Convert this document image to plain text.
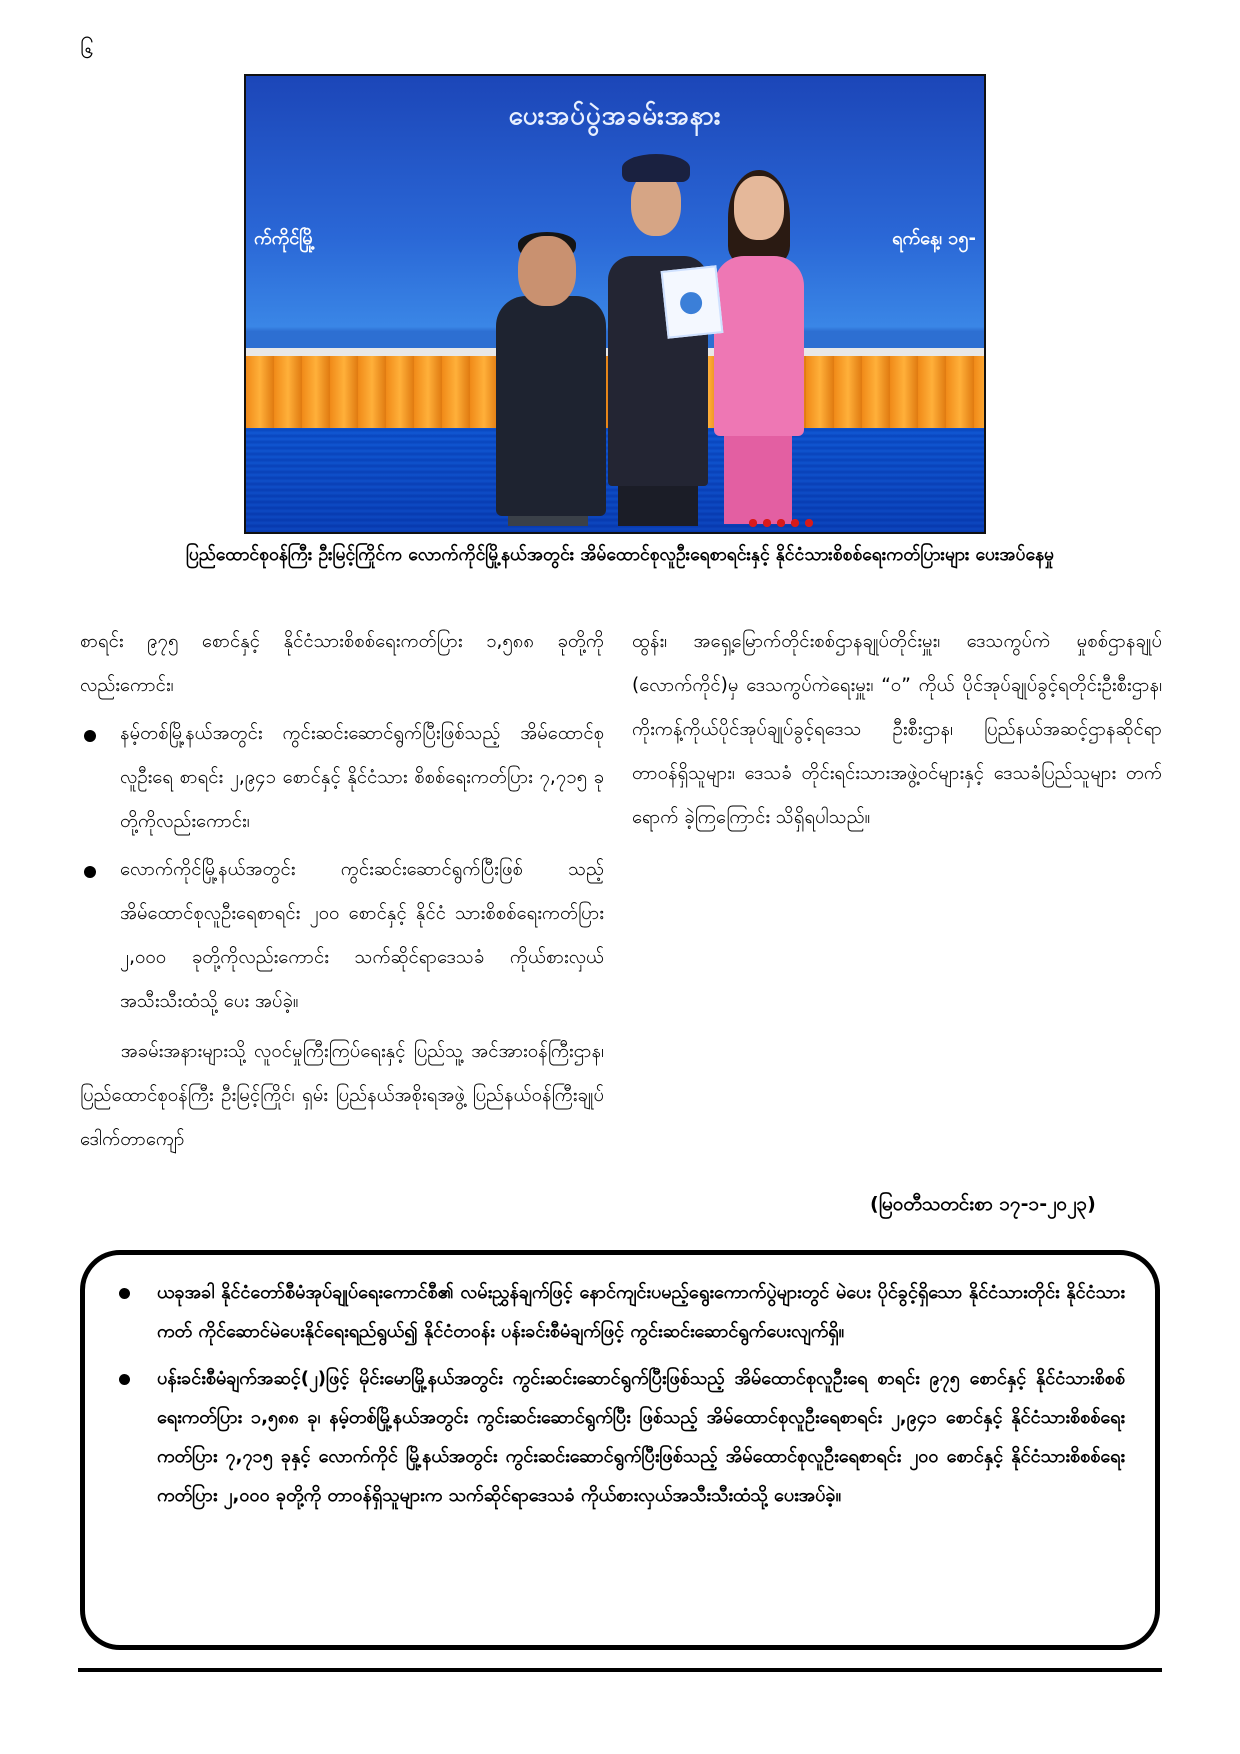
၆
ပေးအပ်ပွဲအခမ်းအနား
က်ကိုင်မြို့	ရက်နေ့၊ ၁၅-
ပြည်ထောင်စုဝန်ကြီး ဦးမြင့်ကြိုင်က လောက်ကိုင်မြို့နယ်အတွင်း အိမ်ထောင်စုလူဦးရေစာရင်းနှင့် နိုင်ငံသားစိစစ်ရေးကတ်ပြားများ ပေးအပ်နေမှု

စာရင်း ၉၇၅ စောင်နှင့် နိုင်ငံသားစိစစ်ရေးကတ်ပြား ၁,၅၈၈ ခုတို့ကိုလည်းကောင်း၊

နမ့်တစ်မြို့နယ်အတွင်း ကွင်းဆင်းဆောင်ရွက်ပြီးဖြစ်သည့် အိမ်ထောင်စုလူဦးရေ စာရင်း ၂,၉၄၁ စောင်နှင့် နိုင်ငံသား စိစစ်ရေးကတ်ပြား ၇,၇၁၅ ခုတို့ကိုလည်းကောင်း၊
လောက်ကိုင်မြို့နယ်အတွင်း ကွင်းဆင်းဆောင်ရွက်ပြီးဖြစ် သည့် အိမ်ထောင်စုလူဦးရေစာရင်း ၂၀၀ စောင်နှင့် နိုင်ငံ သားစိစစ်ရေးကတ်ပြား ၂,၀၀၀ ခုတို့ကိုလည်းကောင်း သက်ဆိုင်ရာဒေသခံ ကိုယ်စားလှယ်အသီးသီးထံသို့ ပေး အပ်ခဲ့။

အခမ်းအနားများသို့ လူဝင်မှုကြီးကြပ်ရေးနှင့် ပြည်သူ့ အင်အားဝန်ကြီးဌာန၊ ပြည်ထောင်စုဝန်ကြီး ဦးမြင့်ကြိုင်၊ ရှမ်း ပြည်နယ်အစိုးရအဖွဲ့ ပြည်နယ်ဝန်ကြီးချုပ် ဒေါက်တာကျော်

ထွန်း၊ အရှေ့မြောက်တိုင်းစစ်ဌာနချုပ်တိုင်းမှူး၊ ဒေသကွပ်ကဲ မှုစစ်ဌာနချုပ် (လောက်ကိုင်)မှ ဒေသကွပ်ကဲရေးမှူး၊ “ဝ” ကိုယ် ပိုင်အုပ်ချုပ်ခွင့်ရတိုင်းဦးစီးဌာန၊ ကိုးကန့်ကိုယ်ပိုင်အုပ်ချုပ်ခွင့်ရဒေသ ဦးစီးဌာန၊ ပြည်နယ်အဆင့်ဌာနဆိုင်ရာ တာဝန်ရှိသူများ၊ ဒေသခံ တိုင်းရင်းသားအဖွဲ့ဝင်များနှင့် ဒေသခံပြည်သူများ တက်ရောက် ခဲ့ကြကြောင်း သိရှိရပါသည်။

(မြဝတီသတင်းစာ ၁၇-၁-၂၀၂၃)
ယခုအခါ နိုင်ငံတော်စီမံအုပ်ချုပ်ရေးကောင်စီ၏ လမ်းညွှန်ချက်ဖြင့် နောင်ကျင်းပမည့်ရွေးကောက်ပွဲများတွင် မဲပေး ပိုင်ခွင့်ရှိသော နိုင်ငံသားတိုင်း နိုင်ငံသားကတ် ကိုင်ဆောင်မဲပေးနိုင်ရေးရည်ရွယ်၍ နိုင်ငံတဝန်း ပန်းခင်းစီမံချက်ဖြင့် ကွင်းဆင်းဆောင်ရွက်ပေးလျက်ရှိ။
ပန်းခင်းစီမံချက်အဆင့်(၂)ဖြင့် မိုင်းမောမြို့နယ်အတွင်း ကွင်းဆင်းဆောင်ရွက်ပြီးဖြစ်သည့် အိမ်ထောင်စုလူဦးရေ စာရင်း ၉၇၅ စောင်နှင့် နိုင်ငံသားစိစစ်ရေးကတ်ပြား ၁,၅၈၈ ခု၊ နမ့်တစ်မြို့နယ်အတွင်း ကွင်းဆင်းဆောင်ရွက်ပြီး ဖြစ်သည့် အိမ်ထောင်စုလူဦးရေစာရင်း ၂,၉၄၁ စောင်နှင့် နိုင်ငံသားစိစစ်ရေးကတ်ပြား ၇,၇၁၅ ခုနှင့် လောက်ကိုင် မြို့နယ်အတွင်း ကွင်းဆင်းဆောင်ရွက်ပြီးဖြစ်သည့် အိမ်ထောင်စုလူဦးရေစာရင်း ၂၀၀ စောင်နှင့် နိုင်ငံသားစိစစ်ရေး ကတ်ပြား ၂,၀၀၀ ခုတို့ကို တာဝန်ရှိသူများက သက်ဆိုင်ရာဒေသခံ ကိုယ်စားလှယ်အသီးသီးထံသို့ ပေးအပ်ခဲ့။
